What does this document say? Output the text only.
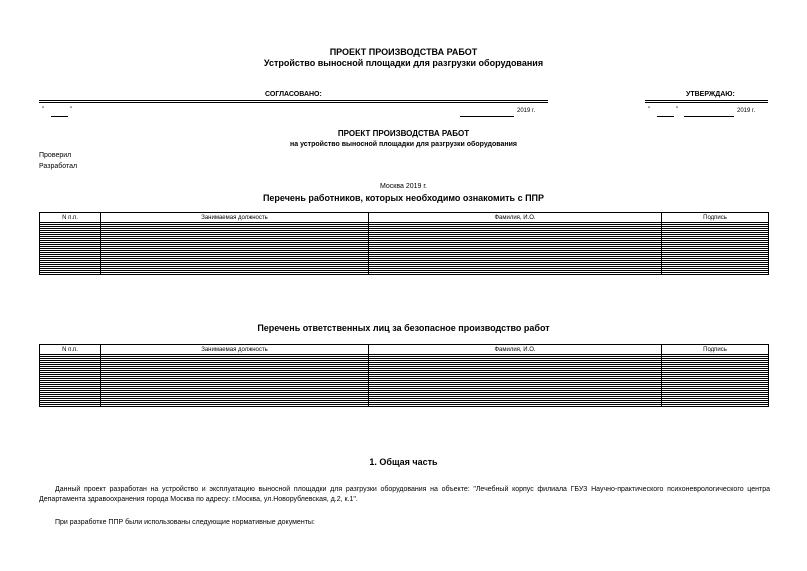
ПРОЕКТ ПРОИЗВОДСТВА РАБОТ
Устройство выносной площадки для разгрузки оборудования
СОГЛАСОВАНО:	УТВЕРЖДАЮ:
"	"	2019 г.	"	"	2019 г.
ПРОЕКТ ПРОИЗВОДСТВА РАБОТ
на устройство выносной площадки для разгрузки оборудования
Проверил
Разработал
Москва 2019 г.
Перечень работников, которых необходимо ознакомить с ППР
N п.п.	Занимаемая должность	Фамилия, И.О.	Подпись

Перечень ответственных лиц за безопасное производство работ
N п.п.	Занимаемая должность	Фамилия, И.О.	Подпись

1. Общая часть
Данный проект разработан на устройство и эксплуатацию выносной площадки для разгрузки оборудования на объекте: "Лечебный корпус филиала ГБУЗ Научно-практического психоневрологического центра Департамента здравоохранения города Москва по адресу: г.Москва, ул.Новорублевская, д.2, к.1".
При разработке ППР были использованы следующие нормативные документы:
